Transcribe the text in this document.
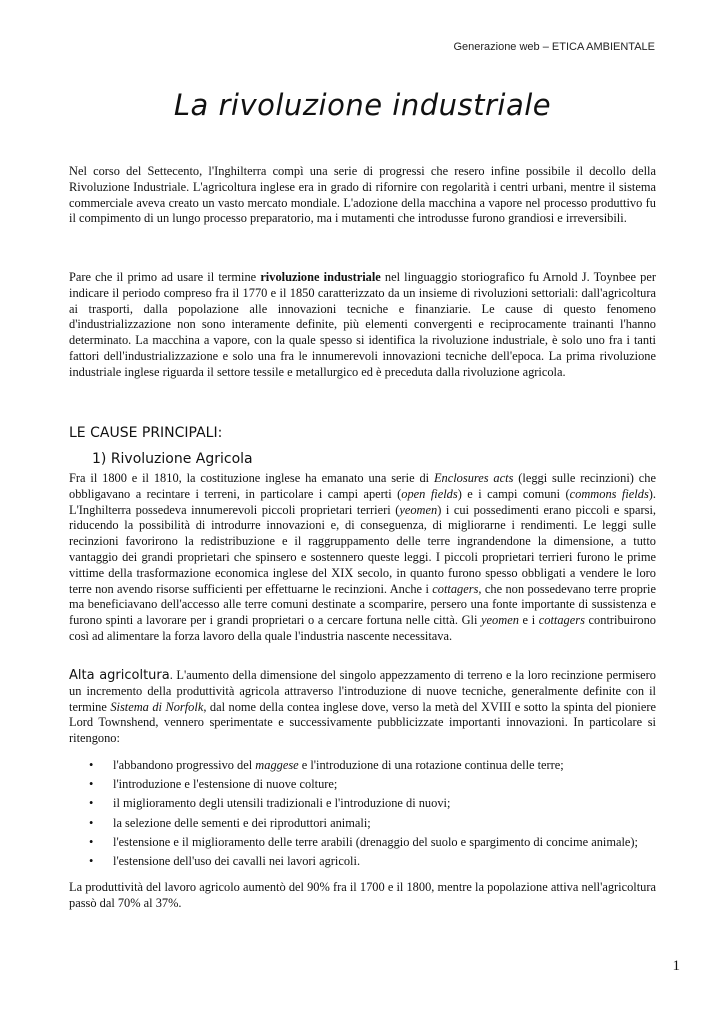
Generazione web – ETICA AMBIENTALE
La rivoluzione industriale
Nel corso del Settecento, l'Inghilterra compì una serie di progressi che resero infine possibile il decollo della Rivoluzione Industriale. L'agricoltura inglese era in grado di rifornire con regolarità i centri urbani, mentre il sistema commerciale aveva creato un vasto mercato mondiale. L'adozione della macchina a vapore nel processo produttivo fu il compimento di un lungo processo preparatorio, ma i mutamenti che introdusse furono grandiosi e irreversibili.
Pare che il primo ad usare il termine rivoluzione industriale nel linguaggio storiografico fu Arnold J. Toynbee per indicare il periodo compreso fra il 1770 e il 1850 caratterizzato da un insieme di rivoluzioni settoriali: dall'agricoltura ai trasporti, dalla popolazione alle innovazioni tecniche e finanziarie. Le cause di questo fenomeno d'industrializzazione non sono interamente definite, più elementi convergenti e reciprocamente trainanti l'hanno determinato. La macchina a vapore, con la quale spesso si identifica la rivoluzione industriale, è solo uno fra i tanti fattori dell'industrializzazione e solo una fra le innumerevoli innovazioni tecniche dell'epoca. La prima rivoluzione industriale inglese riguarda il settore tessile e metallurgico ed è preceduta dalla rivoluzione agricola.
LE CAUSE PRINCIPALI:
1) Rivoluzione Agricola
Fra il 1800 e il 1810, la costituzione inglese ha emanato una serie di Enclosures acts (leggi sulle recinzioni) che obbligavano a recintare i terreni, in particolare i campi aperti (open fields) e i campi comuni (commons fields). L'Inghilterra possedeva innumerevoli piccoli proprietari terrieri (yeomen) i cui possedimenti erano piccoli e sparsi, riducendo la possibilità di introdurre innovazioni e, di conseguenza, di migliorarne i rendimenti. Le leggi sulle recinzioni favorirono la redistribuzione e il raggruppamento delle terre ingrandendone la dimensione, a tutto vantaggio dei grandi proprietari che spinsero e sostennero queste leggi. I piccoli proprietari terrieri furono le prime vittime della trasformazione economica inglese del XIX secolo, in quanto furono spesso obbligati a vendere le loro terre non avendo risorse sufficienti per effettuarne le recinzioni. Anche i cottagers, che non possedevano terre proprie ma beneficiavano dell'accesso alle terre comuni destinate a scomparire, persero una fonte importante di sussistenza e furono spinti a lavorare per i grandi proprietari o a cercare fortuna nelle città. Gli yeomen e i cottagers contribuirono così ad alimentare la forza lavoro della quale l'industria nascente necessitava.
Alta agricoltura. L'aumento della dimensione del singolo appezzamento di terreno e la loro recinzione permisero un incremento della produttività agricola attraverso l'introduzione di nuove tecniche, generalmente definite con il termine Sistema di Norfolk, dal nome della contea inglese dove, verso la metà del XVIII e sotto la spinta del pioniere Lord Townshend, vennero sperimentate e successivamente pubblicizzate importanti innovazioni. In particolare si ritengono:
• l'abbandono progressivo del maggese e l'introduzione di una rotazione continua delle terre;
• l'introduzione e l'estensione di nuove colture;
• il miglioramento degli utensili tradizionali e l'introduzione di nuovi;
• la selezione delle sementi e dei riproduttori animali;
• l'estensione e il miglioramento delle terre arabili (drenaggio del suolo e spargimento di concime animale);
• l'estensione dell'uso dei cavalli nei lavori agricoli.
La produttività del lavoro agricolo aumentò del 90% fra il 1700 e il 1800, mentre la popolazione attiva nell'agricoltura passò dal 70% al 37%.
1
